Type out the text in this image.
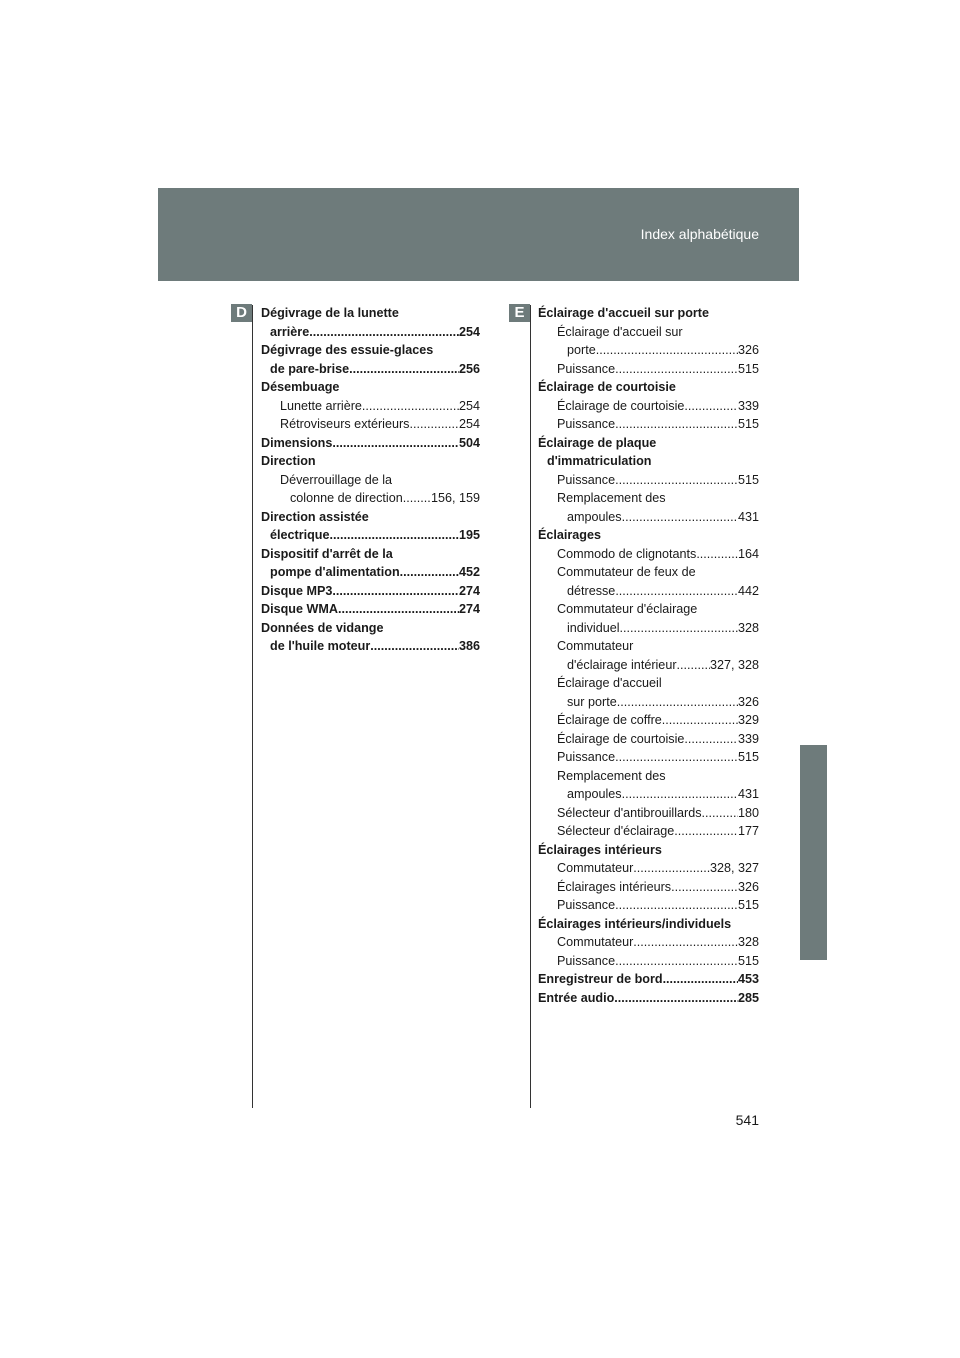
Index alphabétique
D	E
Dégivrage de la lunette
arrière .....	254
Dégivrage des essuie-glaces
de pare-brise .....	256
Désembuage
Lunette arrière .....	254
Rétroviseurs extérieurs .....	254
Dimensions .....	504
Direction
Déverrouillage de la
colonne de direction ..... 156, 159
Direction assistée
électrique .....	195
Dispositif d'arrêt de la
pompe d'alimentation .....	452
Disque MP3 .....	274
Disque WMA .....	274
Données de vidange
de l'huile moteur .....	386
Éclairage d'accueil sur porte
Éclairage d'accueil sur
porte .....	326
Puissance .....	515
Éclairage de courtoisie
Éclairage de courtoisie .....	339
Puissance .....	515
Éclairage de plaque
d'immatriculation
Puissance .....	515
Remplacement des
ampoules .....	431
Éclairages
Commodo de clignotants .....	164
Commutateur de feux de
détresse .....	442
Commutateur d'éclairage
individuel .....	328
Commutateur
d'éclairage intérieur .....	327, 328
Éclairage d'accueil
sur porte .....	326
Éclairage de coffre .....	329
Éclairage de courtoisie .....	339
Puissance .....	515
Remplacement des
ampoules .....	431
Sélecteur d'antibrouillards .....	180
Sélecteur d'éclairage .....	177
Éclairages intérieurs
Commutateur .....	328, 327
Éclairages intérieurs .....	326
Puissance .....	515
Éclairages intérieurs/individuels
Commutateur .....	328
Puissance .....	515
Enregistreur de bord .....	453
Entrée audio .....	285
541
